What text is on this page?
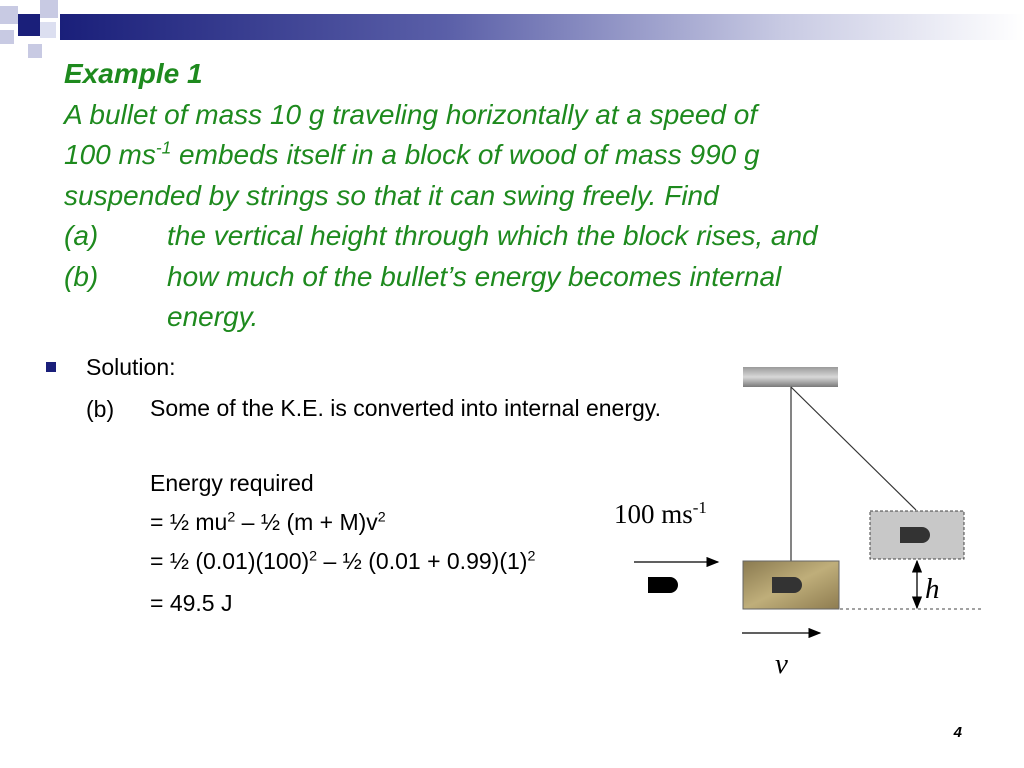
Example 1
A bullet of mass 10 g traveling horizontally at a speed of
100 $ms^{-1}$ embeds itself in a block of wood of mass 990 g
suspended by strings so that it can swing freely. Find
(a)	the vertical height through which the block rises, and
(b)	how much of the bullet’s energy becomes internal
energy.
Solution:
(b) Some of the K.E. is converted into internal energy.
Energy required
= ½ $mu^2$ – ½ $(m + M)v^2$
= ½ $(0.01)(100)^2$ – ½ $(0.01 + 0.99)(1)^2$
= 49.5 J
100 $ms^{-1}$
h
v
4
